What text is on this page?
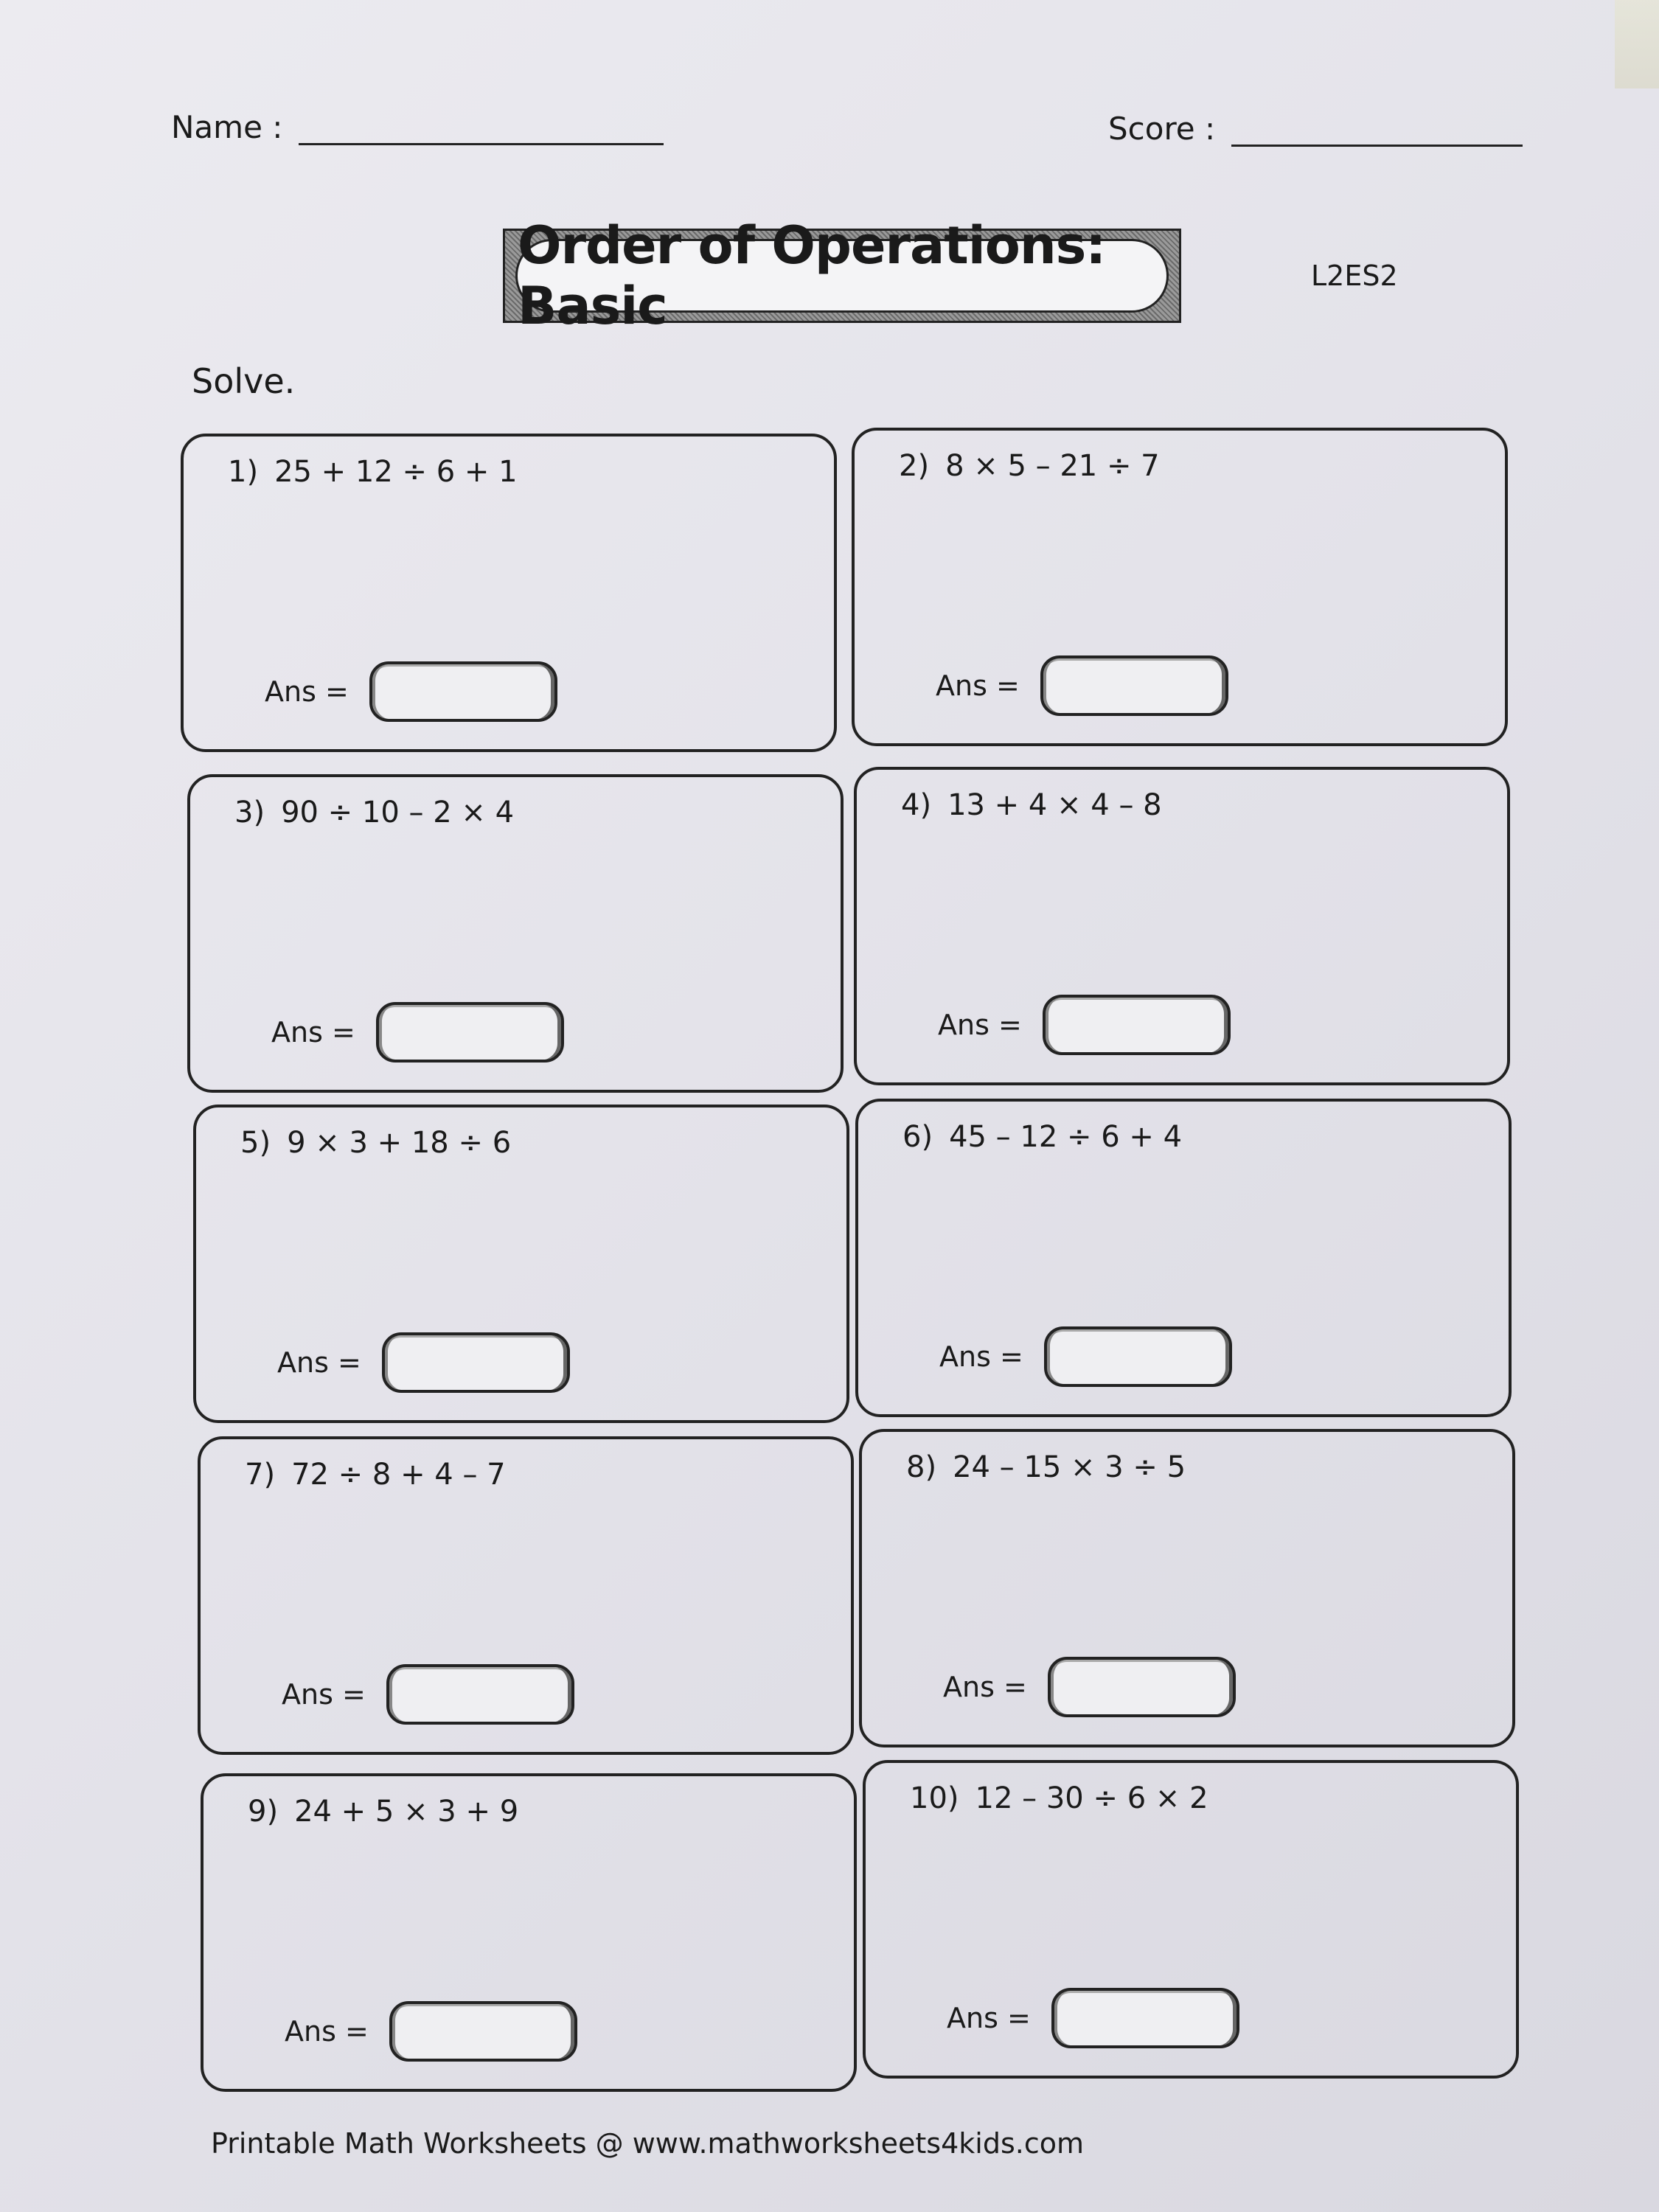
Name :	Score :
Order of Operations: Basic	L2ES2
Solve.
1) 25 + 12 ÷ 6 + 1
Ans =
2) 8 × 5 – 21 ÷ 7
Ans =
3) 90 ÷ 10 – 2 × 4
Ans =
4) 13 + 4 × 4 – 8
Ans =
5) 9 × 3 + 18 ÷ 6
Ans =
6) 45 – 12 ÷ 6 + 4
Ans =
7) 72 ÷ 8 + 4 – 7
Ans =
8) 24 – 15 × 3 ÷ 5
Ans =
9) 24 + 5 × 3 + 9
Ans =
10) 12 – 30 ÷ 6 × 2
Ans =
Printable Math Worksheets @ www.mathworksheets4kids.com
